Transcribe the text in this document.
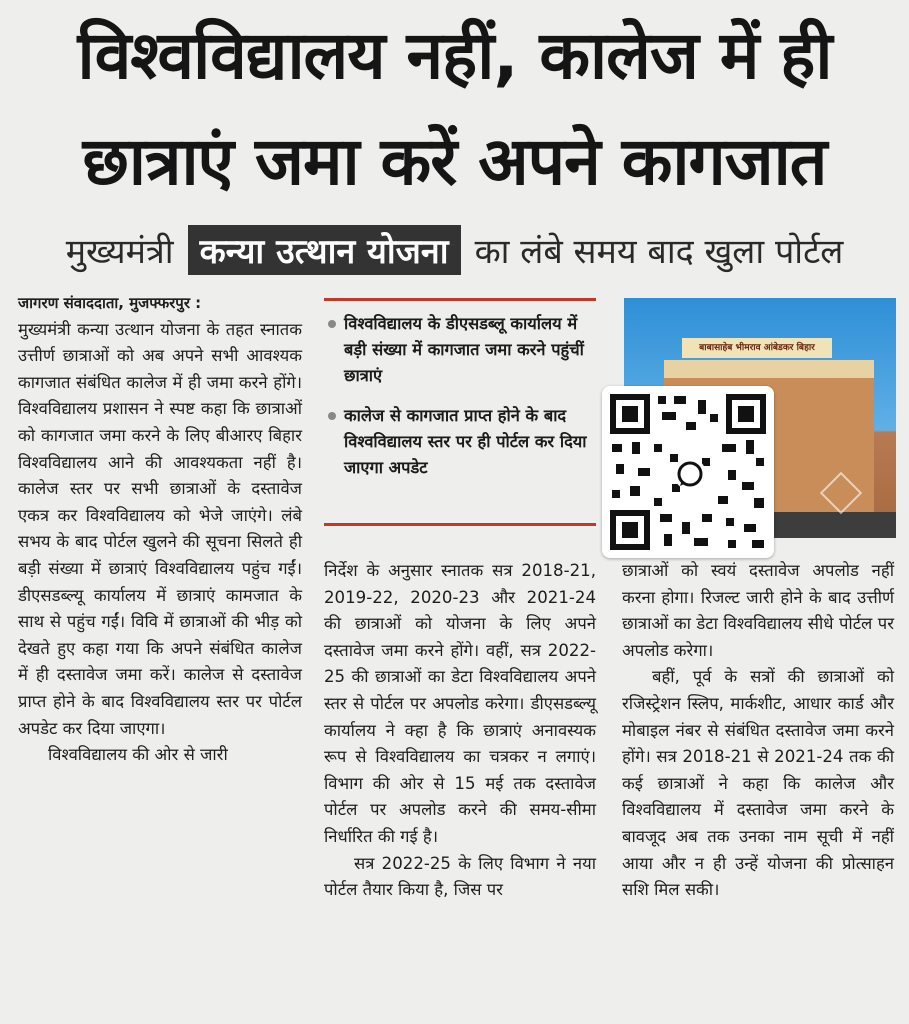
विश्वविद्यालय नहीं, कालेज में ही
छात्राएं जमा करें अपने कागजात
मुख्यमंत्री कन्या उत्थान योजना का लंबे समय बाद खुला पोर्टल

जागरण संवाददाता, मुजफ्फरपुर :

मुख्यमंत्री कन्या उत्थान योजना के तहत स्नातक उत्तीर्ण छात्राओं को अब अपने सभी आवश्यक कागजात संबंधित कालेज में ही जमा करने होंगे। विश्वविद्यालय प्रशासन ने स्पष्ट कहा कि छात्राओं को कागजात जमा करने के लिए बीआरए बिहार विश्वविद्यालय आने की आवश्यकता नहीं है। कालेज स्तर पर सभी छात्राओं के दस्तावेज एकत्र कर विश्वविद्यालय को भेजे जाएंगे। लंबे सभय के बाद पोर्टल खुलने की सूचना सिलते ही बड़ी संख्या में छात्राएं विश्वविद्यालय पहुंच गईं। डीएसडब्ल्यू कार्यालय में छात्राएं कामजात के साथ से पहुंच गईं। विवि में छात्राओं की भीड़ को देखते हुए कहा गया कि अपने संबंधित कालेज में ही दस्तावेज जमा करें। कालेज से दस्तावेज प्राप्त होने के बाद विश्वविद्यालय स्तर पर पोर्टल अपडेट कर दिया जाएगा।

विश्वविद्यालय की ओर से जारी

विश्वविद्यालय के डीएसडब्लू कार्यालय में बड़ी संख्या में कागजात जमा करने पहुंचीं छात्राएं
कालेज से कागजात प्राप्त होने के बाद विश्वविद्यालय स्तर पर ही पोर्टल कर दिया जाएगा अपडेट
बाबासाहेब भीमराव आंबेडकर बिहार

निर्देश के अनुसार स्नातक सत्र 2018-21, 2019-22, 2020-23 और 2021-24 की छात्राओं को योजना के लिए अपने दस्तावेज जमा करने होंगे। वहीं, सत्र 2022-25 की छात्राओं का डेटा विश्वविद्यालय अपने स्तर से पोर्टल पर अपलोड करेगा। डीएसडब्ल्यू कार्यालय ने क्हा है कि छात्राएं अनावस्यक रूप से विश्वविद्यालय का चत्रकर न लगाएं। विभाग की ओर से 15 मई तक दस्तावेज पोर्टल पर अपलोड करने की समय-सीमा निर्धारित की गई है।

सत्र 2022-25 के लिए विभाग ने नया पोर्टल तैयार किया है, जिस पर

छात्राओं को स्वयं दस्तावेज अपलोड नहीं करना होगा। रिजल्ट जारी होने के बाद उत्तीर्ण छात्राओं का डेटा विश्वविद्यालय सीधे पोर्टल पर अपलोड करेगा।

बहीं, पूर्व के सत्रों की छात्राओं को रजिस्ट्रेशन स्लिप, मार्कशीट, आधार कार्ड और मोबाइल नंबर से संबंधित दस्तावेज जमा करने होंगे। सत्र 2018-21 से 2021-24 तक की कई छात्राओं ने कहा कि कालेज और विश्वविद्यालय में दस्तावेज जमा करने के बावजूद अब तक उनका नाम सूची में नहीं आया और न ही उन्हें योजना की प्रोत्साहन सशि मिल सकी।
